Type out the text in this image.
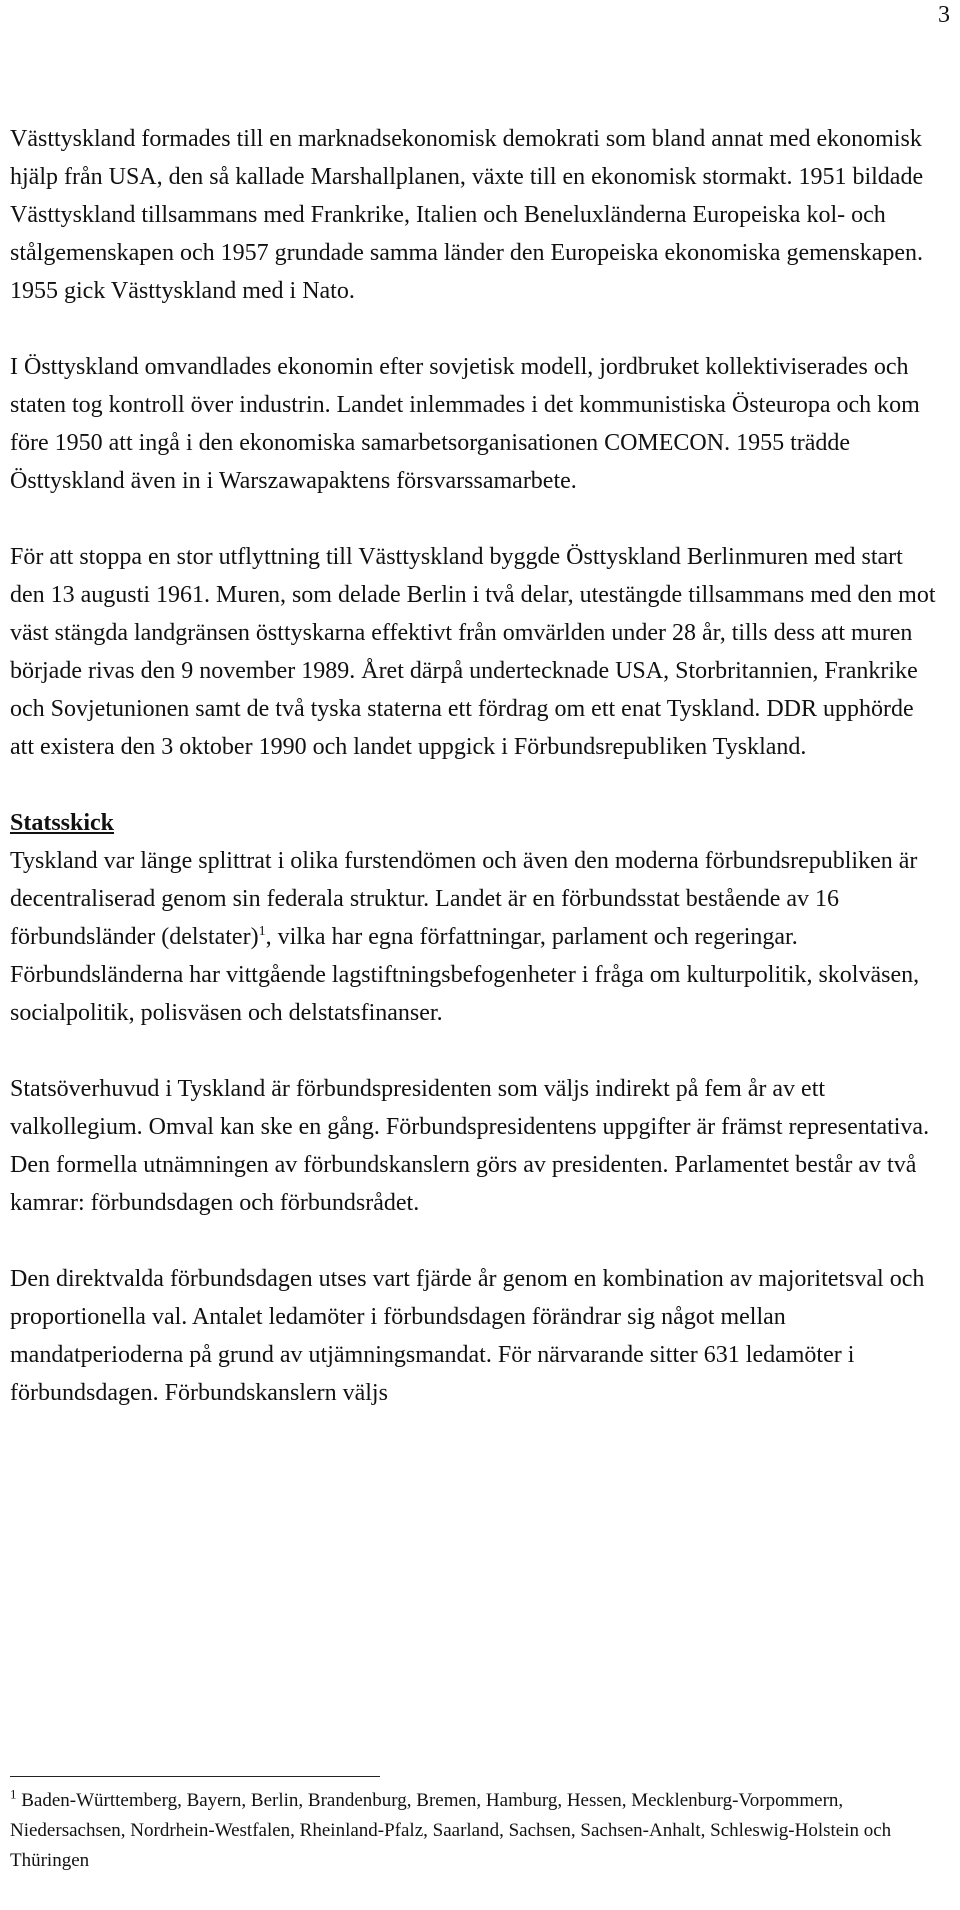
3

Västtyskland formades till en marknadsekonomisk demokrati som bland annat med ekonomisk hjälp från USA, den så kallade Marshallplanen, växte till en ekonomisk stormakt. 1951 bildade Västtyskland tillsammans med Frankrike, Italien och Beneluxländerna Europeiska kol- och stålgemenskapen och 1957 grundade samma länder den Europeiska ekonomiska gemenskapen. 1955 gick Västtyskland med i Nato.

I Östtyskland omvandlades ekonomin efter sovjetisk modell, jordbruket kollektiviserades och staten tog kontroll över industrin. Landet inlemmades i det kommunistiska Östeuropa och kom före 1950 att ingå i den ekonomiska samarbetsorganisationen COMECON. 1955 trädde Östtyskland även in i Warszawapaktens försvarssamarbete.

För att stoppa en stor utflyttning till Västtyskland byggde Östtyskland Berlinmuren med start den 13 augusti 1961. Muren, som delade Berlin i två delar, utestängde tillsammans med den mot väst stängda landgränsen östtyskarna effektivt från omvärlden under 28 år, tills dess att muren började rivas den 9 november 1989. Året därpå undertecknade USA, Storbritannien, Frankrike och Sovjetunionen samt de två tyska staterna ett fördrag om ett enat Tyskland. DDR upphörde att existera den 3 oktober 1990 och landet uppgick i Förbundsrepubliken Tyskland.

Statsskick

Tyskland var länge splittrat i olika furstendömen och även den moderna förbundsrepubliken är decentraliserad genom sin federala struktur. Landet är en förbundsstat bestående av 16 förbundsländer (delstater)$^1$, vilka har egna författningar, parlament och regeringar. Förbundsländerna har vittgående lagstiftningsbefogenheter i fråga om kulturpolitik, skolväsen, socialpolitik, polisväsen och delstatsfinanser.

Statsöverhuvud i Tyskland är förbundspresidenten som väljs indirekt på fem år av ett valkollegium. Omval kan ske en gång. Förbundspresidentens uppgifter är främst representativa. Den formella utnämningen av förbundskanslern görs av presidenten. Parlamentet består av två kamrar: förbundsdagen och förbundsrådet.

Den direktvalda förbundsdagen utses vart fjärde år genom en kombination av majoritetsval och proportionella val. Antalet ledamöter i förbundsdagen förändrar sig något mellan mandatperioderna på grund av utjämningsmandat. För närvarande sitter 631 ledamöter i förbundsdagen. Förbundskanslern väljs

$^1$ Baden-Württemberg, Bayern, Berlin, Brandenburg, Bremen, Hamburg, Hessen, Mecklenburg-Vorpommern, Niedersachsen, Nordrhein-Westfalen, Rheinland-Pfalz, Saarland, Sachsen, Sachsen-Anhalt, Schleswig-Holstein och Thüringen
